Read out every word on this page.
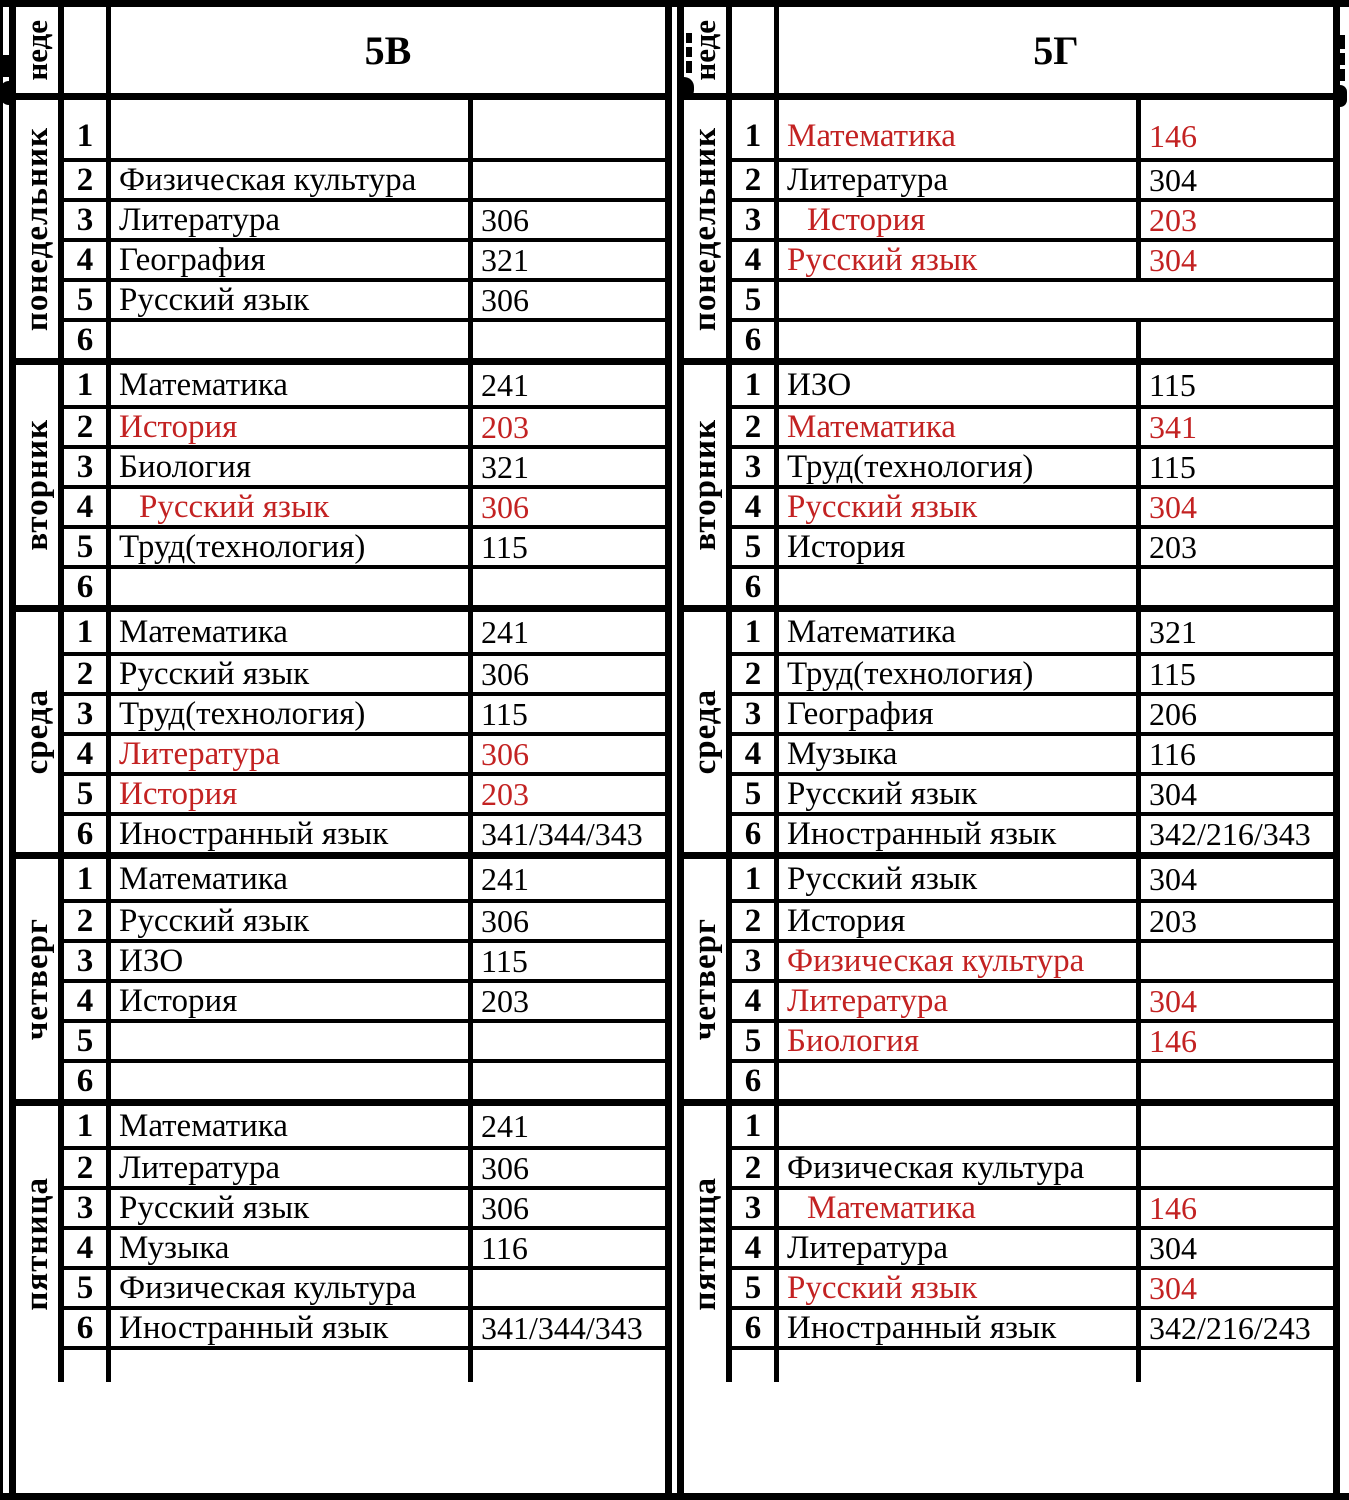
неде	5В
понедельник 1
2 Физическая культура
3 Литература	306
4 География	321
5 Русский язык	306
6
вторник
1 Математика	241
2 История	203
3 Биология	321
4	Русский язык	306
5 Труд(технология)	115
6
среда
1 Математика	241
2 Русский язык	306
3 Труд(технология)	115
4 Литература	306
5 История	203
6 Иностранный язык	341/344/343
четверг
1 Математика	241
2 Русский язык	306
3 ИЗО	115
4 История	203
5
6
пятница
1 Математика	241
2 Литература	306
3 Русский язык	306
4 Музыка	116
5 Физическая культура
6 Иностранный язык	341/344/343
неде	5Г
понедельник 1 Математика	146
2 Литература	304
3	История	203
4 Русский язык	304
5
6
вторник
1 ИЗО	115
2 Математика	341
3 Труд(технология)	115
4 Русский язык	304
5 История	203
6
среда
1 Математика	321
2 Труд(технология)	115
3 География	206
4 Музыка	116
5 Русский язык	304
6 Иностранный язык	342/216/343
четверг
1 Русский язык	304
2 История	203
3 Физическая культура
4 Литература	304
5 Биология	146
6
пятница
1
2 Физическая культура
3	Математика	146
4 Литература	304
5 Русский язык	304
6 Иностранный язык	342/216/243
